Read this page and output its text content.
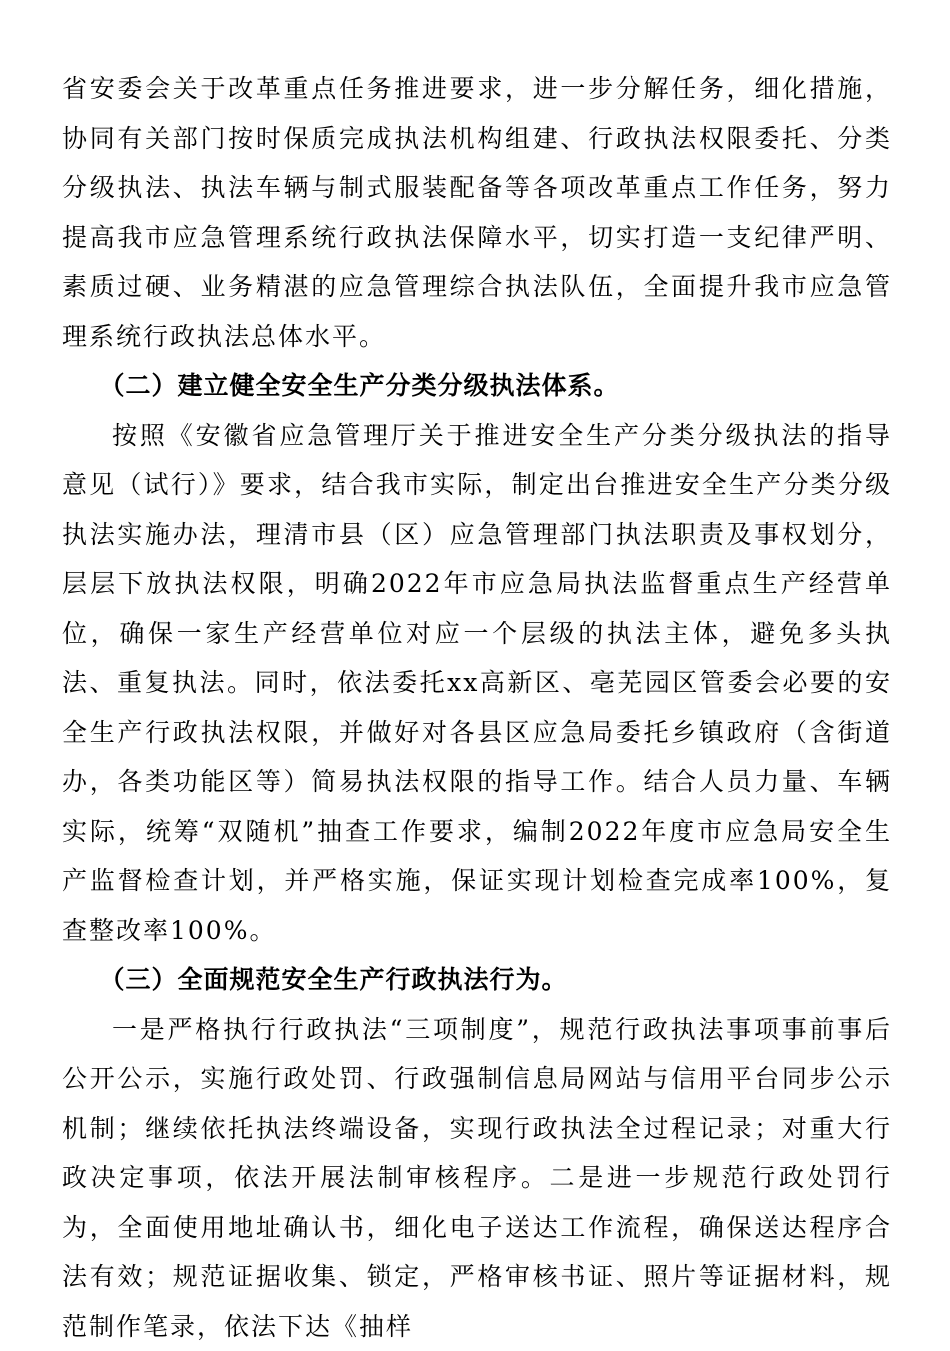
省安委会关于改革重点任务推进要求，进一步分解任务，细化措施，协同有关部门按时保质完成执法机构组建、行政执法权限委托、分类分级执法、执法车辆与制式服装配备等各项改革重点工作任务，努力提高我市应急管理系统行政执法保障水平，切实打造一支纪律严明、素质过硬、业务精湛的应急管理综合执法队伍，全面提升我市应急管理系统行政执法总体水平。

（二）建立健全安全生产分类分级执法体系。

按照《安徽省应急管理厅关于推进安全生产分类分级执法的指导意见（试行）》要求，结合我市实际，制定出台推进安全生产分类分级执法实施办法，理清市县（区）应急管理部门执法职责及事权划分，层层下放执法权限，明确2022年市应急局执法监督重点生产经营单位，确保一家生产经营单位对应一个层级的执法主体，避免多头执法、重复执法。同时，依法委托xx高新区、亳芜园区管委会必要的安全生产行政执法权限，并做好对各县区应急局委托乡镇政府（含街道办，各类功能区等）简易执法权限的指导工作。结合人员力量、车辆实际，统筹“双随机”抽查工作要求，编制2022年度市应急局安全生产监督检查计划，并严格实施，保证实现计划检查完成率100%，复查整改率100%。

（三）全面规范安全生产行政执法行为。

一是严格执行行政执法“三项制度”，规范行政执法事项事前事后公开公示，实施行政处罚、行政强制信息局网站与信用平台同步公示机制；继续依托执法终端设备，实现行政执法全过程记录；对重大行政决定事项，依法开展法制审核程序。二是进一步规范行政处罚行为，全面使用地址确认书，细化电子送达工作流程，确保送达程序合法有效；规范证据收集、锁定，严格审核书证、照片等证据材料，规范制作笔录，依法下达《抽样
